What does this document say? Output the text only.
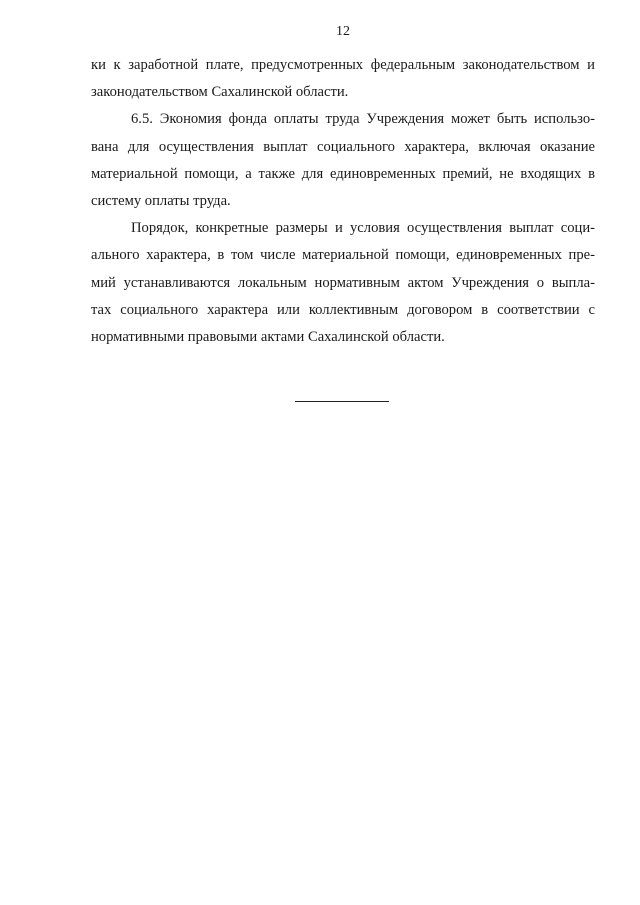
12
ки к заработной плате, предусмотренных федеральным законодательством и
законодательством Сахалинской области.
6.5. Экономия фонда оплаты труда Учреждения может быть использо-
вана для осуществления выплат социального характера, включая оказание
материальной помощи, а также для единовременных премий, не входящих в
систему оплаты труда.
Порядок, конкретные размеры и условия осуществления выплат соци-
ального характера, в том числе материальной помощи, единовременных пре-
мий устанавливаются локальным нормативным актом Учреждения о выпла-
тах социального характера или коллективным договором в соответствии с
нормативными правовыми актами Сахалинской области.
